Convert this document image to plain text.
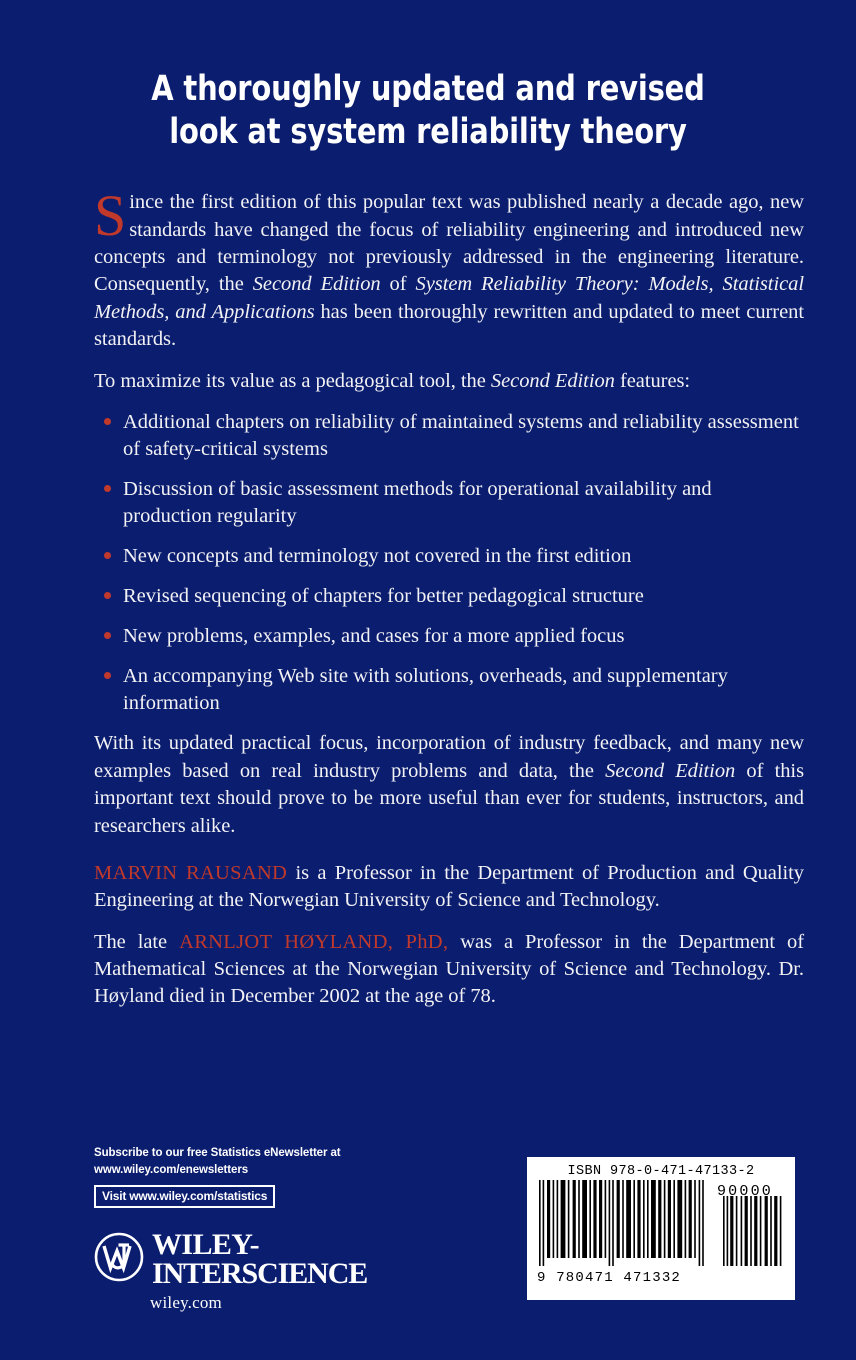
A thoroughly updated and revised
look at system reliability theory

Since the first edition of this popular text was published nearly a decade ago, new standards have changed the focus of reliability engineering and introduced new concepts and terminology not previously addressed in the engineering literature. Consequently, the Second Edition of System Reliability Theory: Models, Statistical Methods, and Applications has been thoroughly rewritten and updated to meet current standards.

To maximize its value as a pedagogical tool, the Second Edition features:

Additional chapters on reliability of maintained systems and reliability assessment of safety-critical systems
Discussion of basic assessment methods for operational availability and production regularity
New concepts and terminology not covered in the first edition
Revised sequencing of chapters for better pedagogical structure
New problems, examples, and cases for a more applied focus
An accompanying Web site with solutions, overheads, and supplementary information

With its updated practical focus, incorporation of industry feedback, and many new examples based on real industry problems and data, the Second Edition of this important text should prove to be more useful than ever for students, instructors, and researchers alike.

MARVIN RAUSAND is a Professor in the Department of Production and Quality Engineering at the Norwegian University of Science and Technology.

The late ARNLJOT HØYLAND, PhD, was a Professor in the Department of Mathematical Sciences at the Norwegian University of Science and Technology. Dr. Høyland died in December 2002 at the age of 78.

Subscribe to our free Statistics eNewsletter at
www.wiley.com/enewsletters
Visit www.wiley.com/statistics
WILEY-
INTERSCIENCE
wiley.com
ISBN 978-0-471-47133-2
90000
9 780471 471332
